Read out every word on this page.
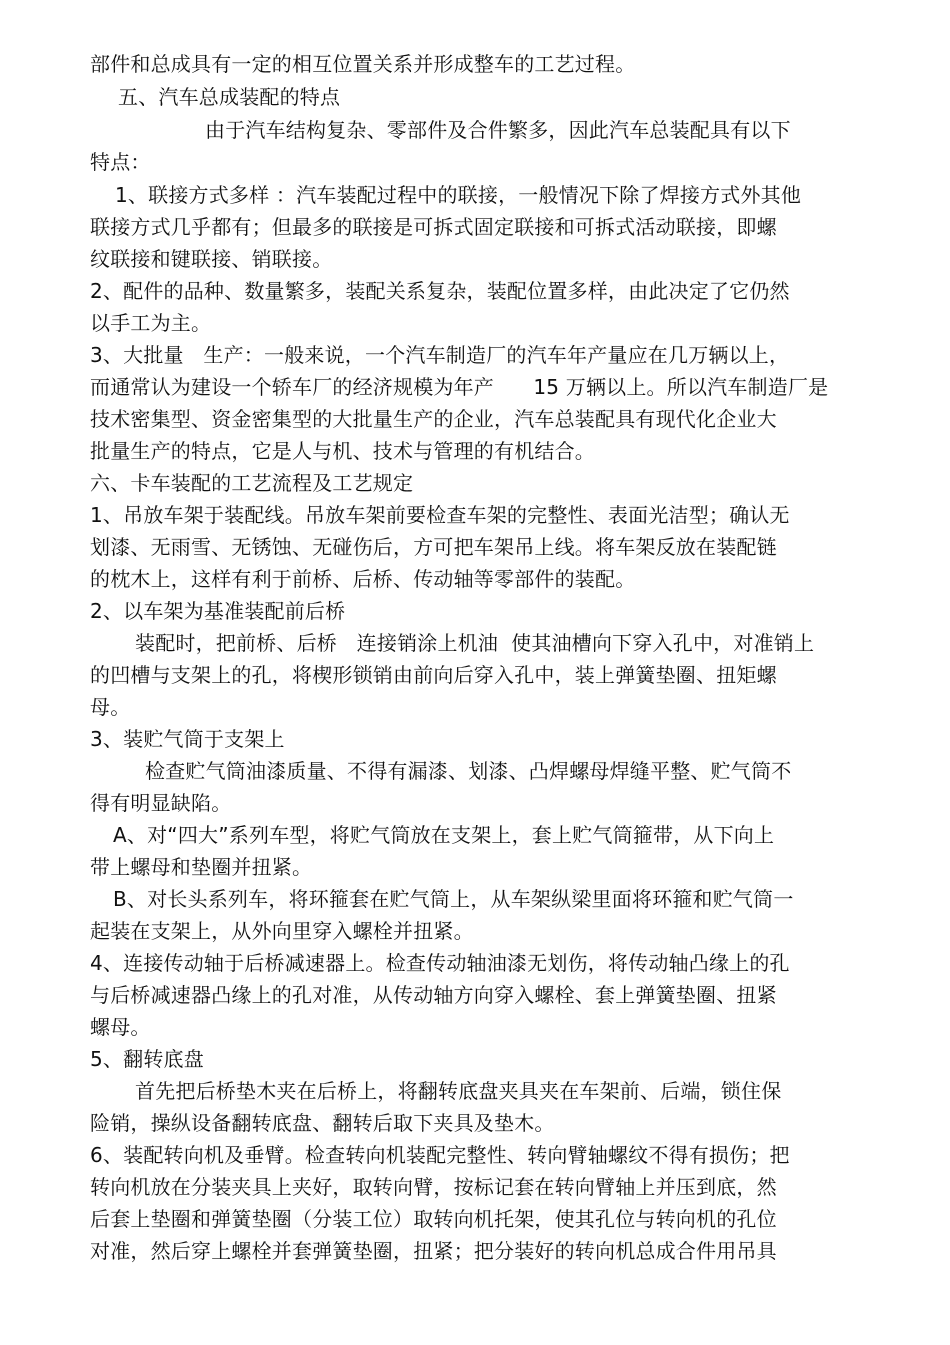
部件和总成具有一定的相互位置关系并形成整车的工艺过程。
五、汽车总成装配的特点
由于汽车结构复杂、零部件及合件繁多，因此汽车总装配具有以下
特点：
1、联接方式多样 ：汽车装配过程中的联接，一般情况下除了焊接方式外其他
联接方式几乎都有；但最多的联接是可拆式固定联接和可拆式活动联接，即螺
纹联接和键联接、销联接。
2、配件的品种、数量繁多，装配关系复杂，装配位置多样，由此决定了它仍然
以手工为主。
3、大批量   生产：一般来说，一个汽车制造厂的汽车年产量应在几万辆以上，
而通常认为建设一个轿车厂的经济规模为年产      15 万辆以上。所以汽车制造厂是
技术密集型、资金密集型的大批量生产的企业，汽车总装配具有现代化企业大
批量生产的特点，它是人与机、技术与管理的有机结合。
六、卡车装配的工艺流程及工艺规定
1、吊放车架于装配线。吊放车架前要检查车架的完整性、表面光洁型；确认无
划漆、无雨雪、无锈蚀、无碰伤后，方可把车架吊上线。将车架反放在装配链
的枕木上，这样有利于前桥、后桥、传动轴等零部件的装配。
2、以车架为基准装配前后桥
装配时，把前桥、后桥   连接销涂上机油  使其油槽向下穿入孔中，对准销上
的凹槽与支架上的孔，将楔形锁销由前向后穿入孔中，装上弹簧垫圈、扭矩螺
母。
3、装贮气筒于支架上
检查贮气筒油漆质量、不得有漏漆、划漆、凸焊螺母焊缝平整、贮气筒不
得有明显缺陷。
A、对“四大”系列车型，将贮气筒放在支架上，套上贮气筒箍带，从下向上
带上螺母和垫圈并扭紧。
B、对长头系列车，将环箍套在贮气筒上，从车架纵梁里面将环箍和贮气筒一
起装在支架上，从外向里穿入螺栓并扭紧。
4、连接传动轴于后桥减速器上。检查传动轴油漆无划伤，将传动轴凸缘上的孔
与后桥减速器凸缘上的孔对准，从传动轴方向穿入螺栓、套上弹簧垫圈、扭紧
螺母。
5、翻转底盘
首先把后桥垫木夹在后桥上，将翻转底盘夹具夹在车架前、后端，锁住保
险销，操纵设备翻转底盘、翻转后取下夹具及垫木。
6、装配转向机及垂臂。检查转向机装配完整性、转向臂轴螺纹不得有损伤；把
转向机放在分装夹具上夹好，取转向臂，按标记套在转向臂轴上并压到底，然
后套上垫圈和弹簧垫圈（分装工位）取转向机托架，使其孔位与转向机的孔位
对准，然后穿上螺栓并套弹簧垫圈，扭紧；把分装好的转向机总成合件用吊具
